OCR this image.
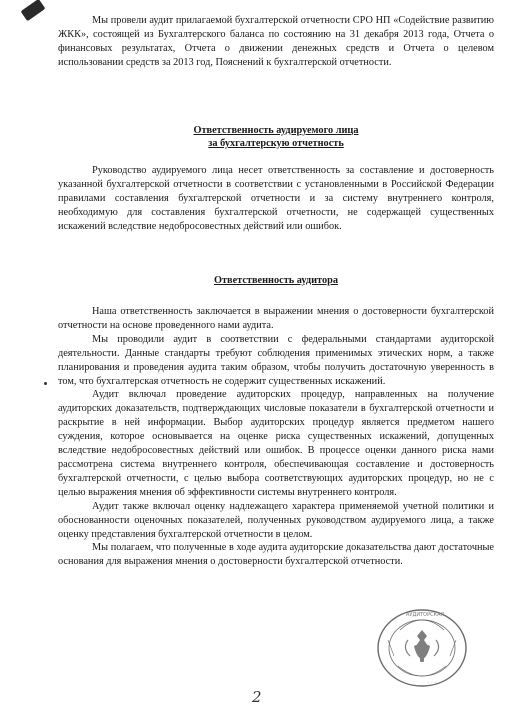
Мы провели аудит прилагаемой бухгалтерской отчетности СРО НП «Содействие развитию ЖКК», состоящей из Бухгалтерского баланса по состоянию на 31 декабря 2013 года, Отчета о финансовых результатах, Отчета о движении денежных средств и Отчета о целевом использовании средств за 2013 год, Пояснений к бухгалтерской отчетности.

Ответственность аудируемого лица
за бухгалтерскую отчетность

Руководство аудируемого лица несет ответственность за составление и достоверность указанной бухгалтерской отчетности в соответствии с установленными в Российской Федерации правилами составления бухгалтерской отчетности и за систему внутреннего контроля, необходимую для составления бухгалтерской отчетности, не содержащей существенных искажений вследствие недобросовестных действий или ошибок.

Ответственность аудитора

Наша ответственность заключается в выражении мнения о достоверности бухгалтерской отчетности на основе проведенного нами аудита.

Мы проводили аудит в соответствии с федеральными стандартами аудиторской деятельности. Данные стандарты требуют соблюдения применимых этических норм, а также планирования и проведения аудита таким образом, чтобы получить достаточную уверенность в том, что бухгалтерская отчетность не содержит существенных искажений.

Аудит включал проведение аудиторских процедур, направленных на получение аудиторских доказательств, подтверждающих числовые показатели в бухгалтерской отчетности и раскрытие в ней информации. Выбор аудиторских процедур является предметом нашего суждения, которое основывается на оценке риска существенных искажений, допущенных вследствие недобросовестных действий или ошибок. В процессе оценки данного риска нами рассмотрена система внутреннего контроля, обеспечивающая составление и достоверность бухгалтерской отчетности, с целью выбора соответствующих аудиторских процедур, но не с целью выражения мнения об эффективности системы внутреннего контроля.

Аудит также включал оценку надлежащего характера применяемой учетной политики и обоснованности оценочных показателей, полученных руководством аудируемого лица, а также оценку представления бухгалтерской отчетности в целом.

Мы полагаем, что полученные в ходе аудита аудиторские доказательства дают достаточные основания для выражения мнения о достоверности бухгалтерской отчетности.

АУДИТОРСКАЯ
· · ·
2
